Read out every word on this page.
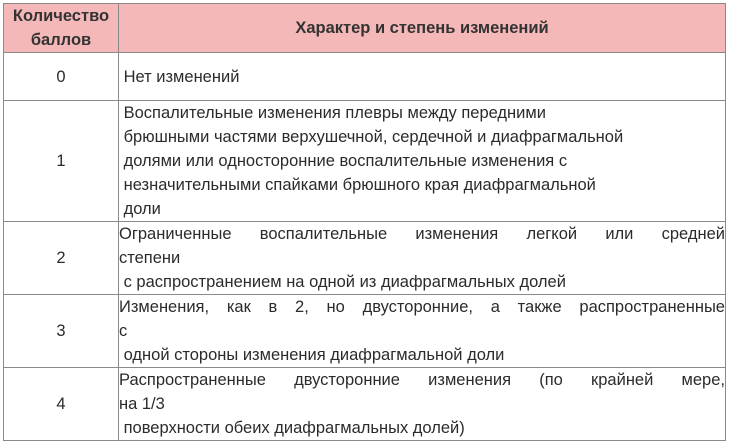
Количество баллов	Характер и степень изменений
0	Нет изменений

1	Воспалительные изменения плевры между передними
брюшными частями верхушечной, сердечной и диафрагмальной
долями или односторонние воспалительные изменения с
незначительными спайками брюшного края диафрагмальной
доли

2	Ограниченные воспалительные изменения легкой или средней
степени
с распространением на одной из диафрагмальных долей

3	Изменения, как в 2, но двусторонние, а также распространенные
с
одной стороны изменения диафрагмальной доли

4	Распространенные двусторонние изменения (по крайней мере,
на 1/3
поверхности обеих диафрагмальных долей)
